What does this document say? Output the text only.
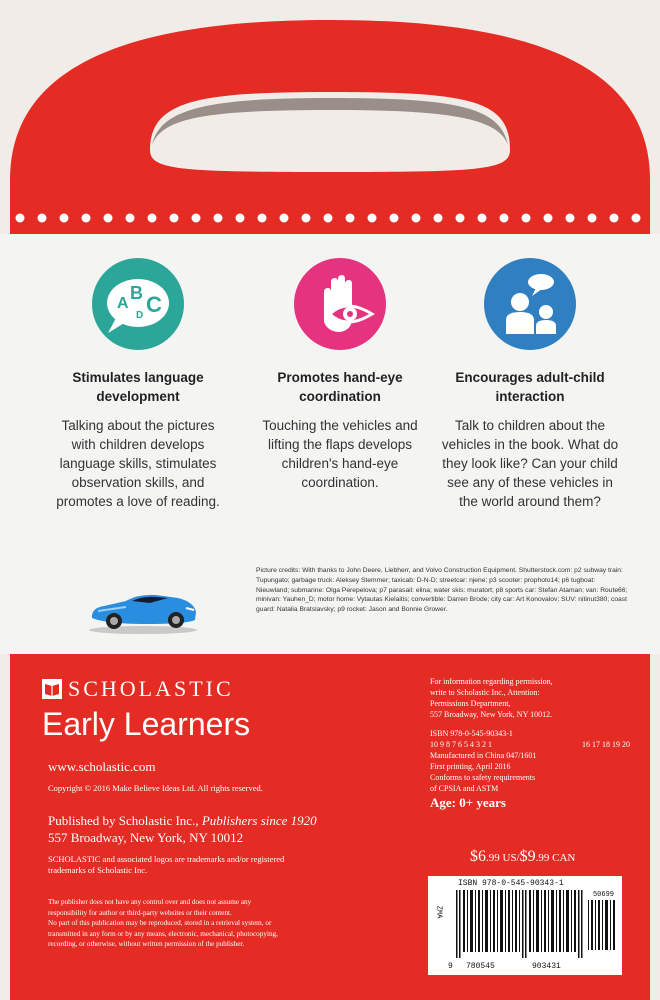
A
B C
D
Stimulates language development
Talking about the pictures with children develops language skills, stimulates observation skills, and promotes a love of reading.
Promotes hand-eye coordination
Touching the vehicles and lifting the flaps develops children's hand-eye coordination.
Encourages adult-child interaction
Talk to children about the vehicles in the book. What do they look like? Can your child see any of these vehicles in the world around them?
Picture credits: With thanks to John Deere, Liebherr, and Volvo Construction Equipment. Shutterstock.com: p2 subway train: Tupungato; garbage truck: Aleksey Stemmer; taxicab: D-N-D; streetcar: njene; p3 scooter: prophoto14; p6 tugboat: Nieuwland; submarine: Olga Perepelova; p7 parasail: elina; water skis: muratort; p8 sports car: Stefan Ataman; van: Route66; minivan: Yauhen_D; motor home: Vytautas Kielaitis; convertible: Darren Brode; city car: Art Konovalov; SUV: nitinut380; coast guard: Natalia Bratslavsky; p9 rocket: Jason and Bonnie Grower.
SCHOLASTIC
Early Learners
www.scholastic.com
Copyright © 2016 Make Believe Ideas Ltd. All rights reserved.
Published by Scholastic Inc., Publishers since 1920
557 Broadway, New York, NY 10012
SCHOLASTIC and associated logos are trademarks and/or registered trademarks of Scholastic Inc.
The publisher does not have any control over and does not assume any
responsibility for author or third-party websites or their content.
No part of this publication may be reproduced, stored in a retrieval system, or
transmitted in any form or by any means, electronic, mechanical, photocopying,
recording, or otherwise, without written permission of the publisher.
For information regarding permission,
write to Scholastic Inc., Attention:
Permissions Department,
557 Broadway, New York, NY 10012.
ISBN 978-0-545-90343-1
10 9 8 7 6 5 4 3 2 1	16 17 18 19 20
Manufactured in China 047/1601
First printing, April 2016
Conforms to safety requirements
of CPSIA and ASTM
Age: 0+ years
$6.99 US/$9.99 CAN
ISBN 978-0-545-90343-1
50699
ZMA
9 780545	903431
